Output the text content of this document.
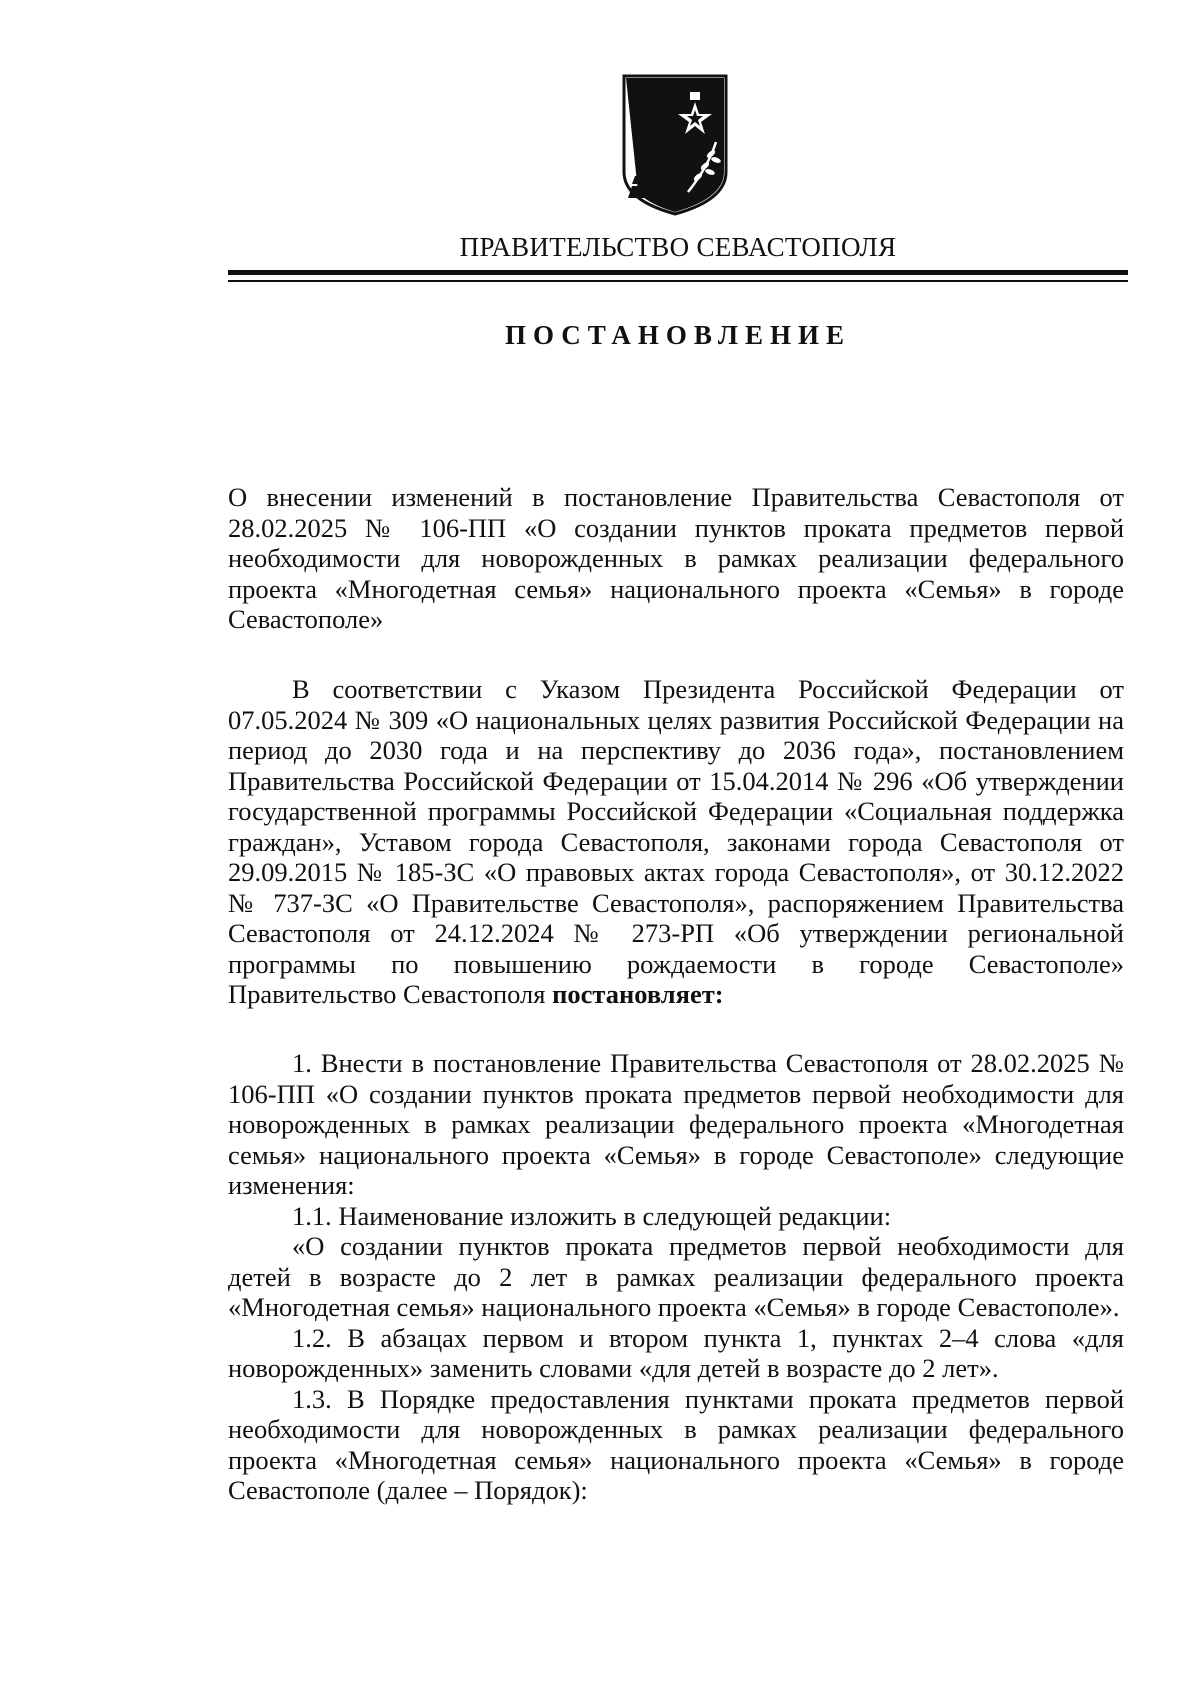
ПРАВИТЕЛЬСТВО СЕВАСТОПОЛЯ
ПОСТАНОВЛЕНИЕ

О внесении изменений в постановление Правительства Севастополя от 28.02.2025 № 106-ПП «О создании пунктов проката предметов первой необходимости для новорожденных в рамках реализации федерального проекта «Многодетная семья» национального проекта «Семья» в городе Севастополе»

В соответствии с Указом Президента Российской Федерации от 07.05.2024 № 309 «О национальных целях развития Российской Федерации на период до 2030 года и на перспективу до 2036 года», постановлением Правительства Российской Федерации от 15.04.2014 № 296 «Об утверждении государственной программы Российской Федерации «Социальная поддержка граждан», Уставом города Севастополя, законами города Севастополя от 29.09.2015 № 185-ЗС «О правовых актах города Севастополя», от 30.12.2022 № 737-ЗС «О Правительстве Севастополя», распоряжением Правительства Севастополя от 24.12.2024 № 273-РП «Об утверждении региональной программы по повышению рождаемости в городе Севастополе» Правительство Севастополя постановляет:

1. Внести в постановление Правительства Севастополя от 28.02.2025 № 106-ПП «О создании пунктов проката предметов первой необходимости для новорожденных в рамках реализации федерального проекта «Многодетная семья» национального проекта «Семья» в городе Севастополе» следующие изменения:

1.1. Наименование изложить в следующей редакции:

«О создании пунктов проката предметов первой необходимости для детей в возрасте до 2 лет в рамках реализации федерального проекта «Многодетная семья» национального проекта «Семья» в городе Севастополе».

1.2. В абзацах первом и втором пункта 1, пунктах 2–4 слова «для новорожденных» заменить словами «для детей в возрасте до 2 лет».

1.3. В Порядке предоставления пунктами проката предметов первой необходимости для новорожденных в рамках реализации федерального проекта «Многодетная семья» национального проекта «Семья» в городе Севастополе (далее – Порядок):
